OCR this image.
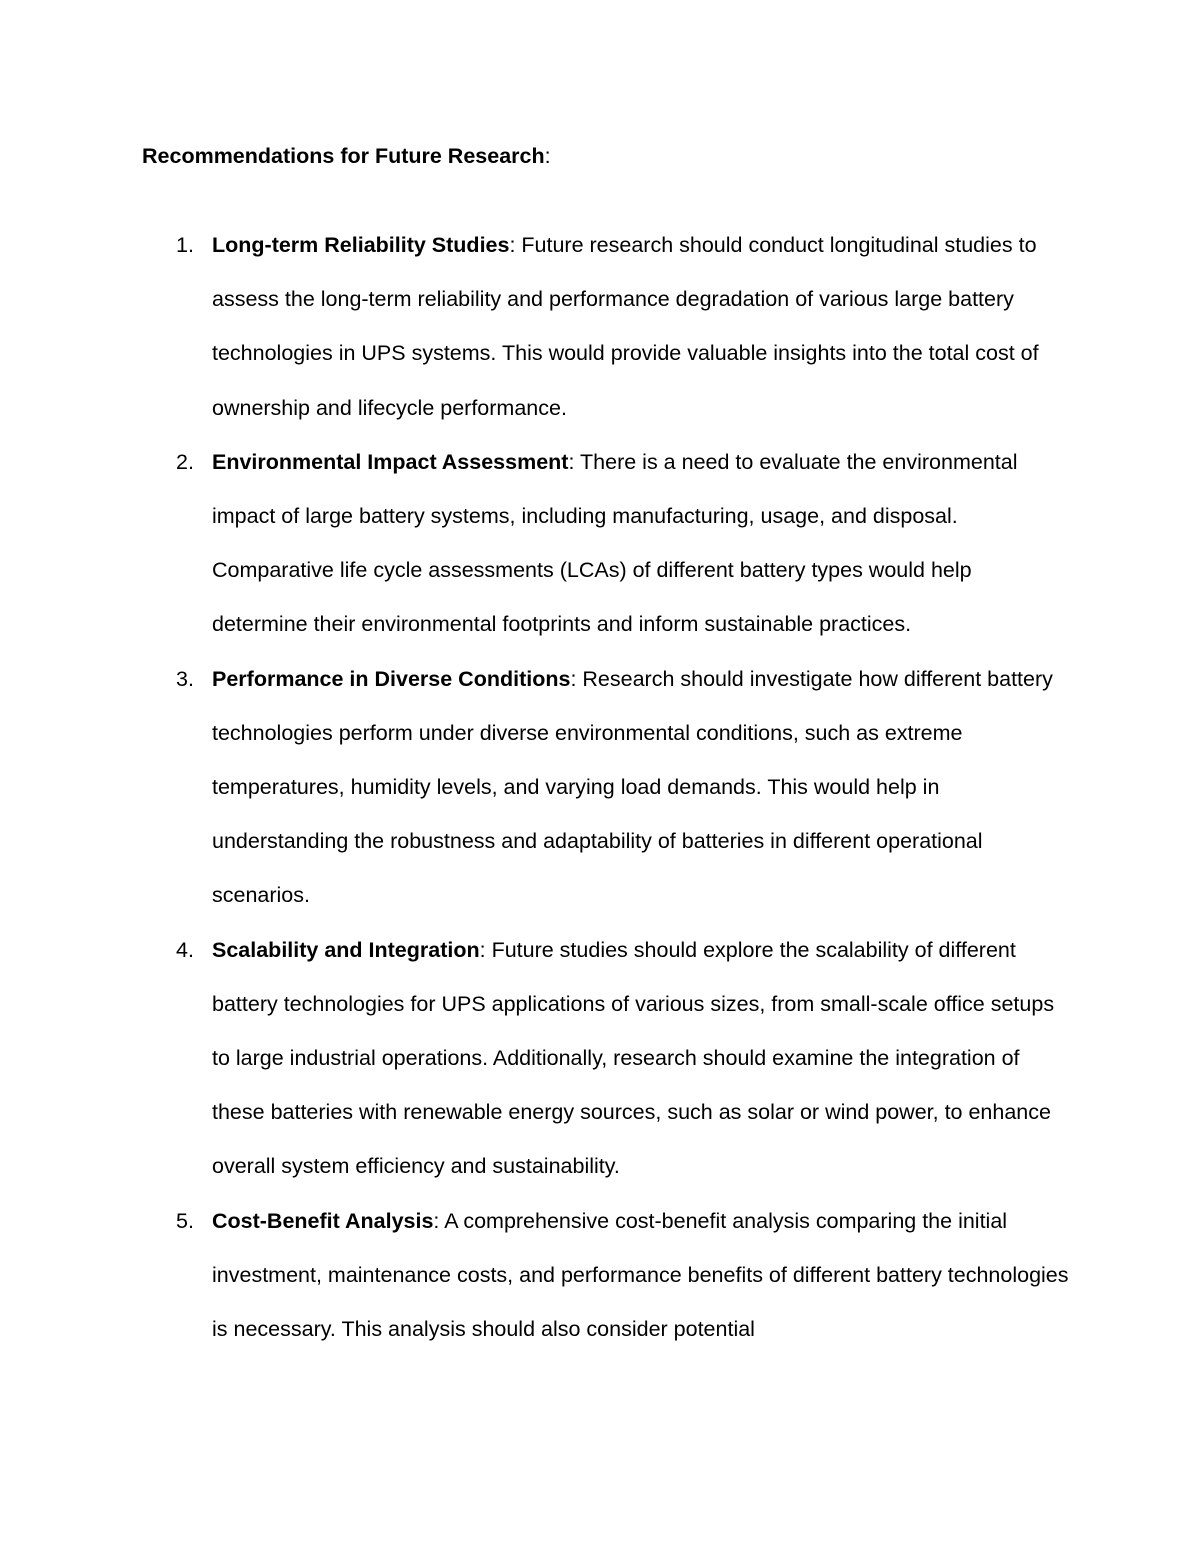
Recommendations for Future Research:
1. Long-term Reliability Studies: Future research should conduct longitudinal studies to assess the long-term reliability and performance degradation of various large battery technologies in UPS systems. This would provide valuable insights into the total cost of ownership and lifecycle performance.
2. Environmental Impact Assessment: There is a need to evaluate the environmental impact of large battery systems, including manufacturing, usage, and disposal. Comparative life cycle assessments (LCAs) of different battery types would help determine their environmental footprints and inform sustainable practices.
3. Performance in Diverse Conditions: Research should investigate how different battery technologies perform under diverse environmental conditions, such as extreme temperatures, humidity levels, and varying load demands. This would help in understanding the robustness and adaptability of batteries in different operational scenarios.
4. Scalability and Integration: Future studies should explore the scalability of different battery technologies for UPS applications of various sizes, from small-scale office setups to large industrial operations. Additionally, research should examine the integration of these batteries with renewable energy sources, such as solar or wind power, to enhance overall system efficiency and sustainability.
5. Cost-Benefit Analysis: A comprehensive cost-benefit analysis comparing the initial investment, maintenance costs, and performance benefits of different battery technologies is necessary. This analysis should also consider potential
